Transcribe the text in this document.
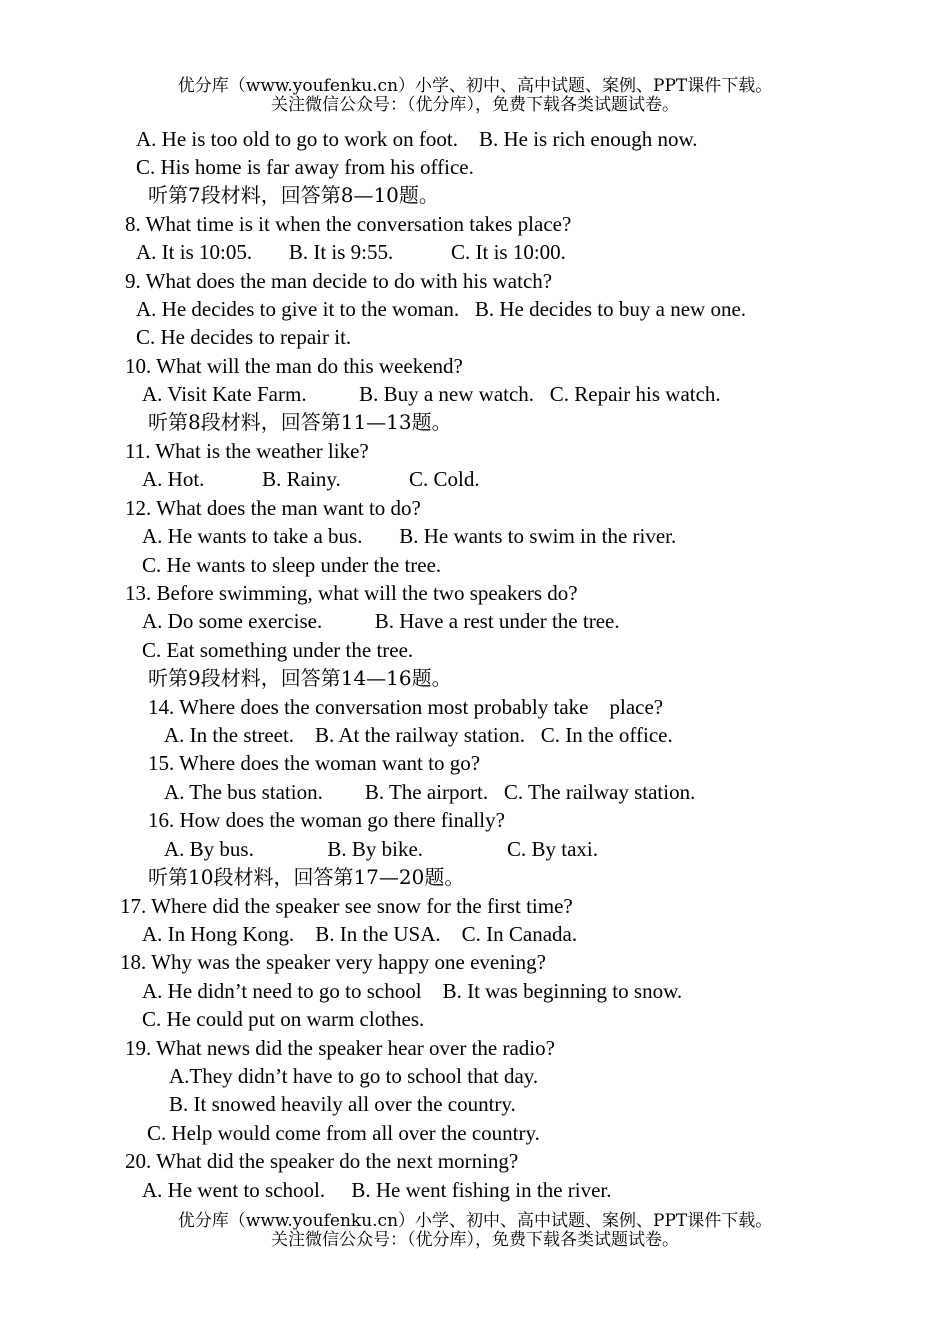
优分库（www.youfenku.cn）小学、初中、高中试题、案例、PPT课件下载。
关注微信公众号：（优分库），免费下载各类试题试卷。
A. He is too old to go to work on foot.    B. He is rich enough now.
C. His home is far away from his office.
听第7段材料，回答第8—10题。
8. What time is it when the conversation takes place?
A. It is 10:05.       B. It is 9:55.           C. It is 10:00.
9. What does the man decide to do with his watch?
A. He decides to give it to the woman.   B. He decides to buy a new one.
C. He decides to repair it.
10. What will the man do this weekend?
A. Visit Kate Farm.          B. Buy a new watch.   C. Repair his watch.
听第8段材料，回答第11—13题。
11. What is the weather like?
A. Hot.           B. Rainy.             C. Cold.
12. What does the man want to do?
A. He wants to take a bus.       B. He wants to swim in the river.
C. He wants to sleep under the tree.
13. Before swimming, what will the two speakers do?
A. Do some exercise.          B. Have a rest under the tree.
C. Eat something under the tree.
听第9段材料，回答第14—16题。
14. Where does the conversation most probably take    place?
A. In the street.    B. At the railway station.   C. In the office.
15. Where does the woman want to go?
A. The bus station.        B. The airport.   C. The railway station.
16. How does the woman go there finally?
A. By bus.              B. By bike.                C. By taxi.
听第10段材料，回答第17—20题。
17. Where did the speaker see snow for the first time?
A. In Hong Kong.    B. In the USA.    C. In Canada.
18. Why was the speaker very happy one evening?
A. He didn’t need to go to school    B. It was beginning to snow.
C. He could put on warm clothes.
19. What news did the speaker hear over the radio?
A.They didn’t have to go to school that day.
B. It snowed heavily all over the country.
C. Help would come from all over the country.
20. What did the speaker do the next morning?
A. He went to school.     B. He went fishing in the river.
优分库（www.youfenku.cn）小学、初中、高中试题、案例、PPT课件下载。
关注微信公众号：（优分库），免费下载各类试题试卷。
